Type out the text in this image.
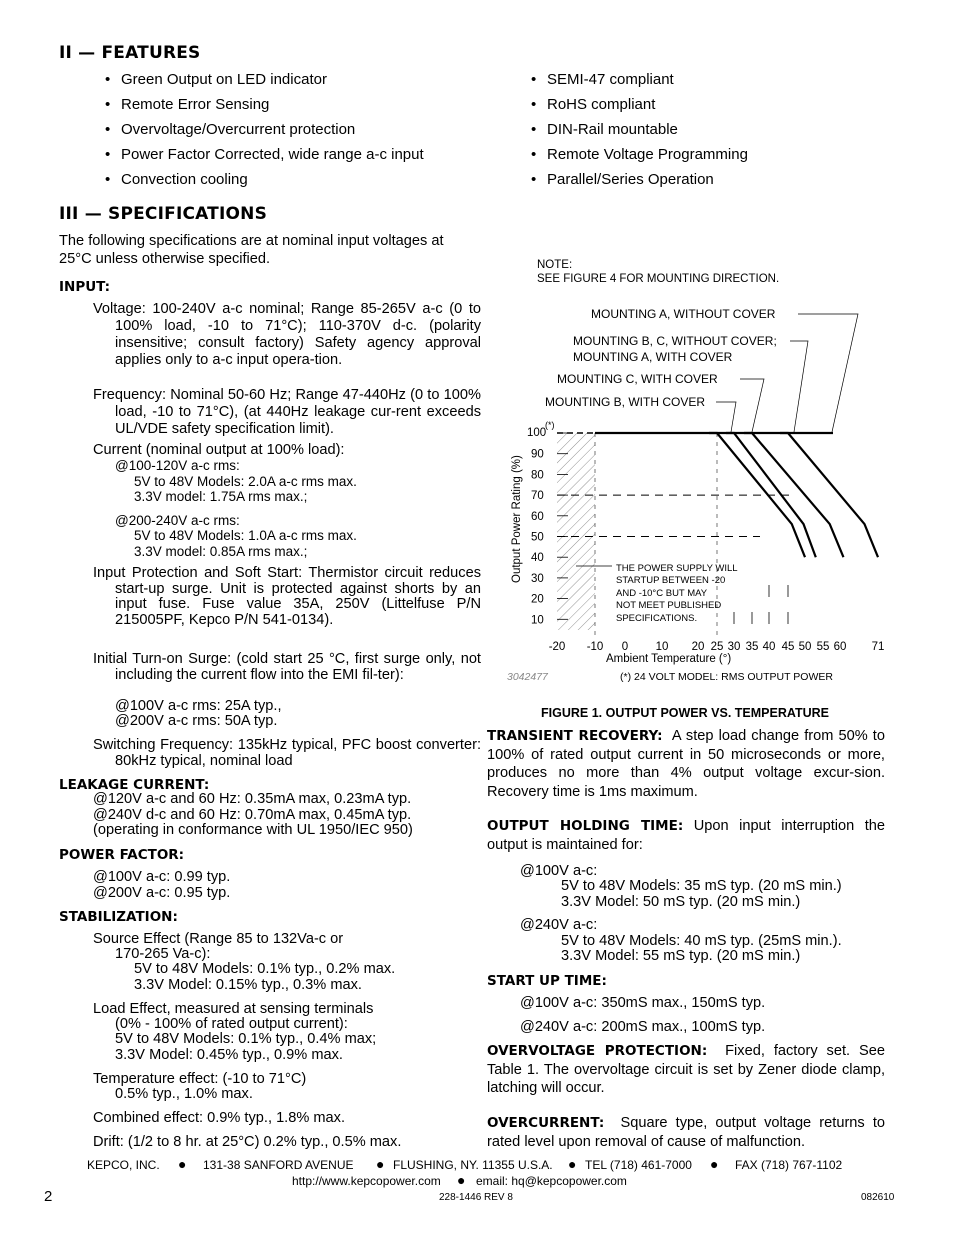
II — FEATURES
• Green Output on LED indicator
• Remote Error Sensing
• Overvoltage/Overcurrent protection
• Power Factor Corrected, wide range a-c input
• Convection cooling
• SEMI-47 compliant
• RoHS compliant
• DIN-Rail mountable
• Remote Voltage Programming
• Parallel/Series Operation
III — SPECIFICATIONS
The following specifications are at nominal input voltages at 25°C unless otherwise specified.
INPUT:
Voltage: 100-240V a-c nominal; Range 85-265V a-c (0 to 100% load, -10 to 71°C); 110-370V d-c. (polarity insensitive; consult factory) Safety agency approval applies only to a-c input opera-tion.
Frequency: Nominal 50-60 Hz; Range 47-440Hz (0 to 100% load, -10 to 71°C), (at 440Hz leakage cur-rent exceeds UL/VDE safety specification limit).
Current (nominal output at 100% load):
@100-120V a-c rms:
5V to 48V Models: 2.0A a-c rms max.
3.3V model: 1.75A rms max.;
@200-240V a-c rms:
5V to 48V Models: 1.0A a-c rms max.
3.3V model: 0.85A rms max.;
Input Protection and Soft Start: Thermistor circuit reduces start-up surge. Unit is protected against shorts by an input fuse. Fuse value 35A, 250V (Littelfuse P/N 215005PF, Kepco P/N 541-0134).
Initial Turn-on Surge: (cold start 25 °C, first surge only, not including the current flow into the EMI fil-ter):
@100V a-c rms: 25A typ.,
@200V a-c rms: 50A typ.
Switching Frequency: 135kHz typical, PFC boost converter: 80kHz typical, nominal load
LEAKAGE CURRENT:
@120V a-c and 60 Hz: 0.35mA max, 0.23mA typ.
@240V d-c and 60 Hz: 0.70mA max, 0.45mA typ.
(operating in conformance with UL 1950/IEC 950)
POWER FACTOR:
@100V a-c: 0.99 typ.
@200V a-c: 0.95 typ.
STABILIZATION:
Source Effect (Range 85 to 132Va-c or
170-265 Va-c):
5V to 48V Models: 0.1% typ., 0.2% max.
3.3V Model: 0.15% typ., 0.3% max.
Load Effect, measured at sensing terminals
(0% - 100% of rated output current):
5V to 48V Models: 0.1% typ., 0.4% max;
3.3V Model: 0.45% typ., 0.9% max.
Temperature effect: (-10 to 71°C)
0.5% typ., 1.0% max.
Combined effect: 0.9% typ., 1.8% max.
Drift: (1/2 to 8 hr. at 25°C) 0.2% typ., 0.5% max.
NOTE:
SEE FIGURE 4 FOR MOUNTING DIRECTION.
MOUNTING A, WITHOUT COVER
MOUNTING B, C, WITHOUT COVER;
MOUNTING A, WITH COVER
MOUNTING C, WITH COVER
MOUNTING B, WITH COVER
90
80
70
60
50
40
30
20
10
-20 -10 0 10 20 25 30 35 40 45 50 55 60 71
100
(*)
Output Power Rating (%)
Ambient Temperature (°)
THE POWER SUPPLY WILL
STARTUP BETWEEN -20
AND -10°C BUT MAY
NOT MEET PUBLISHED
SPECIFICATIONS.
3042477	(*) 24 VOLT MODEL: RMS OUTPUT POWER
FIGURE 1. OUTPUT POWER VS. TEMPERATURE
TRANSIENT RECOVERY: A step load change from 50% to 100% of rated output current in 50 microseconds or more, produces no more than 4% output voltage excur-sion. Recovery time is 1ms maximum.
OUTPUT HOLDING TIME: Upon input interruption the output is maintained for:
@100V a-c:
5V to 48V Models: 35 mS typ. (20 mS min.)
3.3V Model: 50 mS typ. (20 mS min.)
@240V a-c:
5V to 48V Models: 40 mS typ. (25mS min.).
3.3V Model: 55 mS typ. (20 mS min.)
START UP TIME:
@100V a-c: 350mS max., 150mS typ.
@240V a-c: 200mS max., 100mS typ.
OVERVOLTAGE PROTECTION: Fixed, factory set. See Table 1. The overvoltage circuit is set by Zener diode clamp, latching will occur.
OVERCURRENT: Square type, output voltage returns to rated level upon removal of cause of malfunction.
KEPCO, INC. ● 131-38 SANFORD AVENUE ● FLUSHING, NY. 11355 U.S.A. ● TEL (718) 461-7000 ● FAX (718) 767-1102
http://www.kepcopower.com ● email: hq@kepcopower.com
2	228-1446 REV 8	082610
